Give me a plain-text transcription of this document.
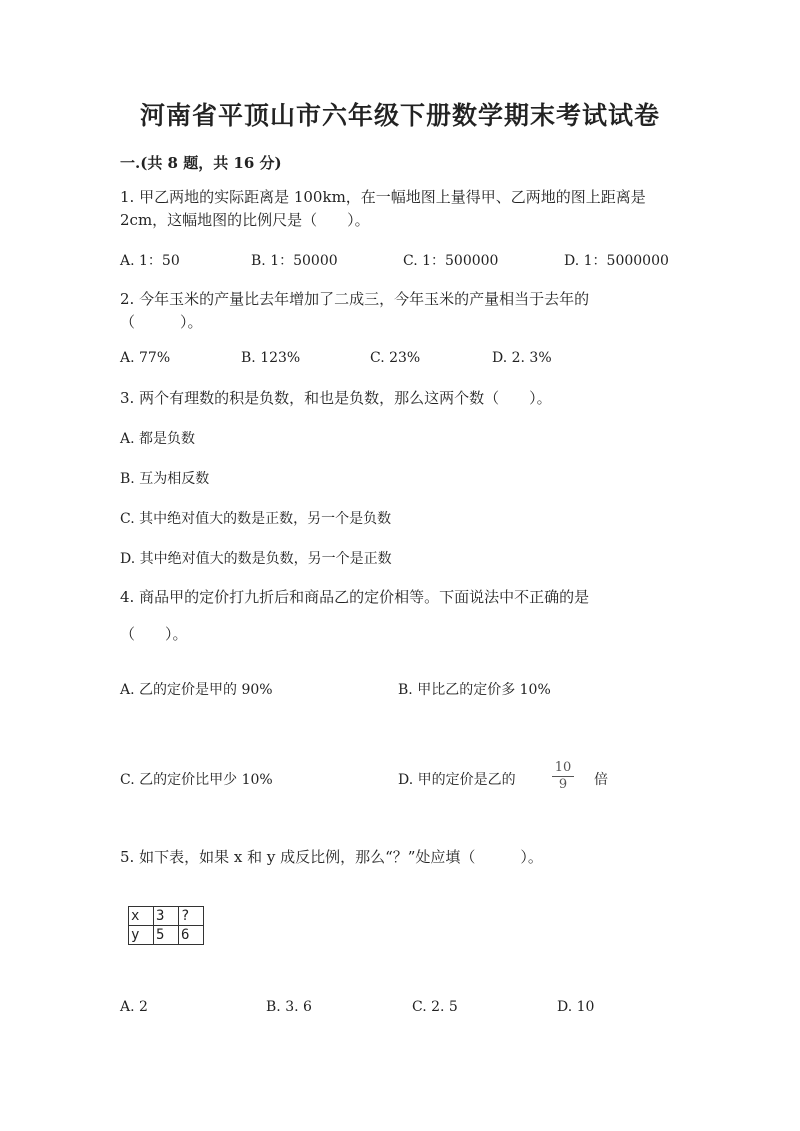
河南省平顶山市六年级下册数学期末考试试卷
一.(共 8 题，共 16 分)
1. 甲乙两地的实际距离是 100km，在一幅地图上量得甲、乙两地的图上距离是
2cm，这幅地图的比例尺是（　　）。
A. 1：50	B. 1：50000	C. 1：500000	D. 1：5000000
2. 今年玉米的产量比去年增加了二成三，今年玉米的产量相当于去年的
（　　　）。
A. 77%	B. 123%	C. 23%	D. 2. 3%
3. 两个有理数的积是负数，和也是负数，那么这两个数（　　）。
A. 都是负数
B. 互为相反数
C. 其中绝对值大的数是正数，另一个是负数
D. 其中绝对值大的数是负数，另一个是正数
4. 商品甲的定价打九折后和商品乙的定价相等。下面说法中不正确的是
（　　）。
A. 乙的定价是甲的 90%	B. 甲比乙的定价多 10%
C. 乙的定价比甲少 10%	D. 甲的定价是乙的	$\frac{10}{9}$ 倍
5. 如下表，如果 x 和 y 成反比例，那么“？”处应填（　　　）。
x	3	?
y	5	6
A. 2	B. 3. 6	C. 2. 5	D. 10
